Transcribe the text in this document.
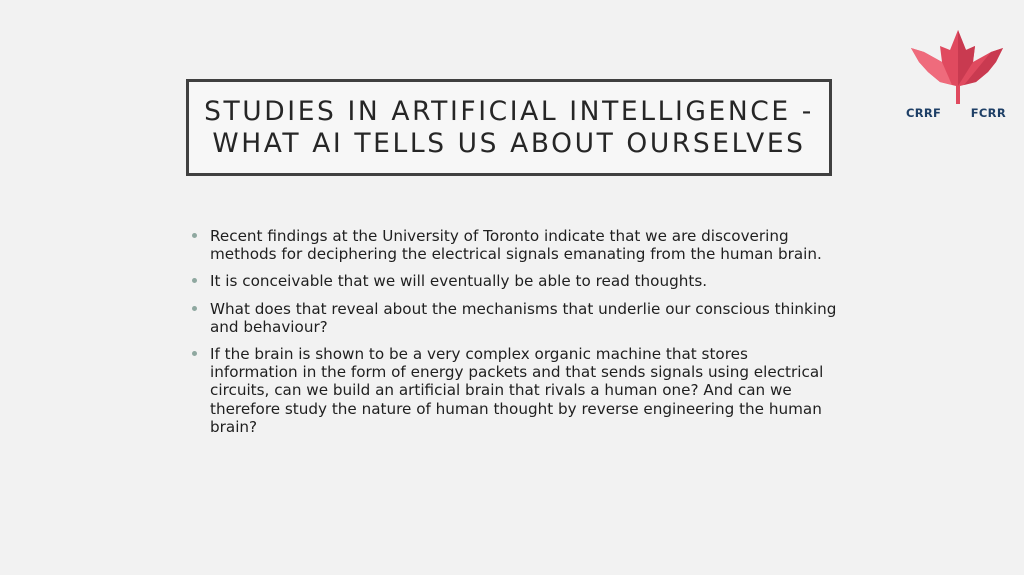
STUDIES IN ARTIFICIAL INTELLIGENCE -
WHAT AI TELLS US ABOUT OURSELVES
CRRF	FCRR
Recent findings at the University of Toronto indicate that we are discovering methods for deciphering the electrical signals emanating from the human brain.
It is conceivable that we will eventually be able to read thoughts.
What does that reveal about the mechanisms that underlie our conscious thinking and behaviour?
If the brain is shown to be a very complex organic machine that stores information in the form of energy packets and that sends signals using electrical circuits, can we build an artificial brain that rivals a human one? And can we therefore study the nature of human thought by reverse engineering the human brain?
